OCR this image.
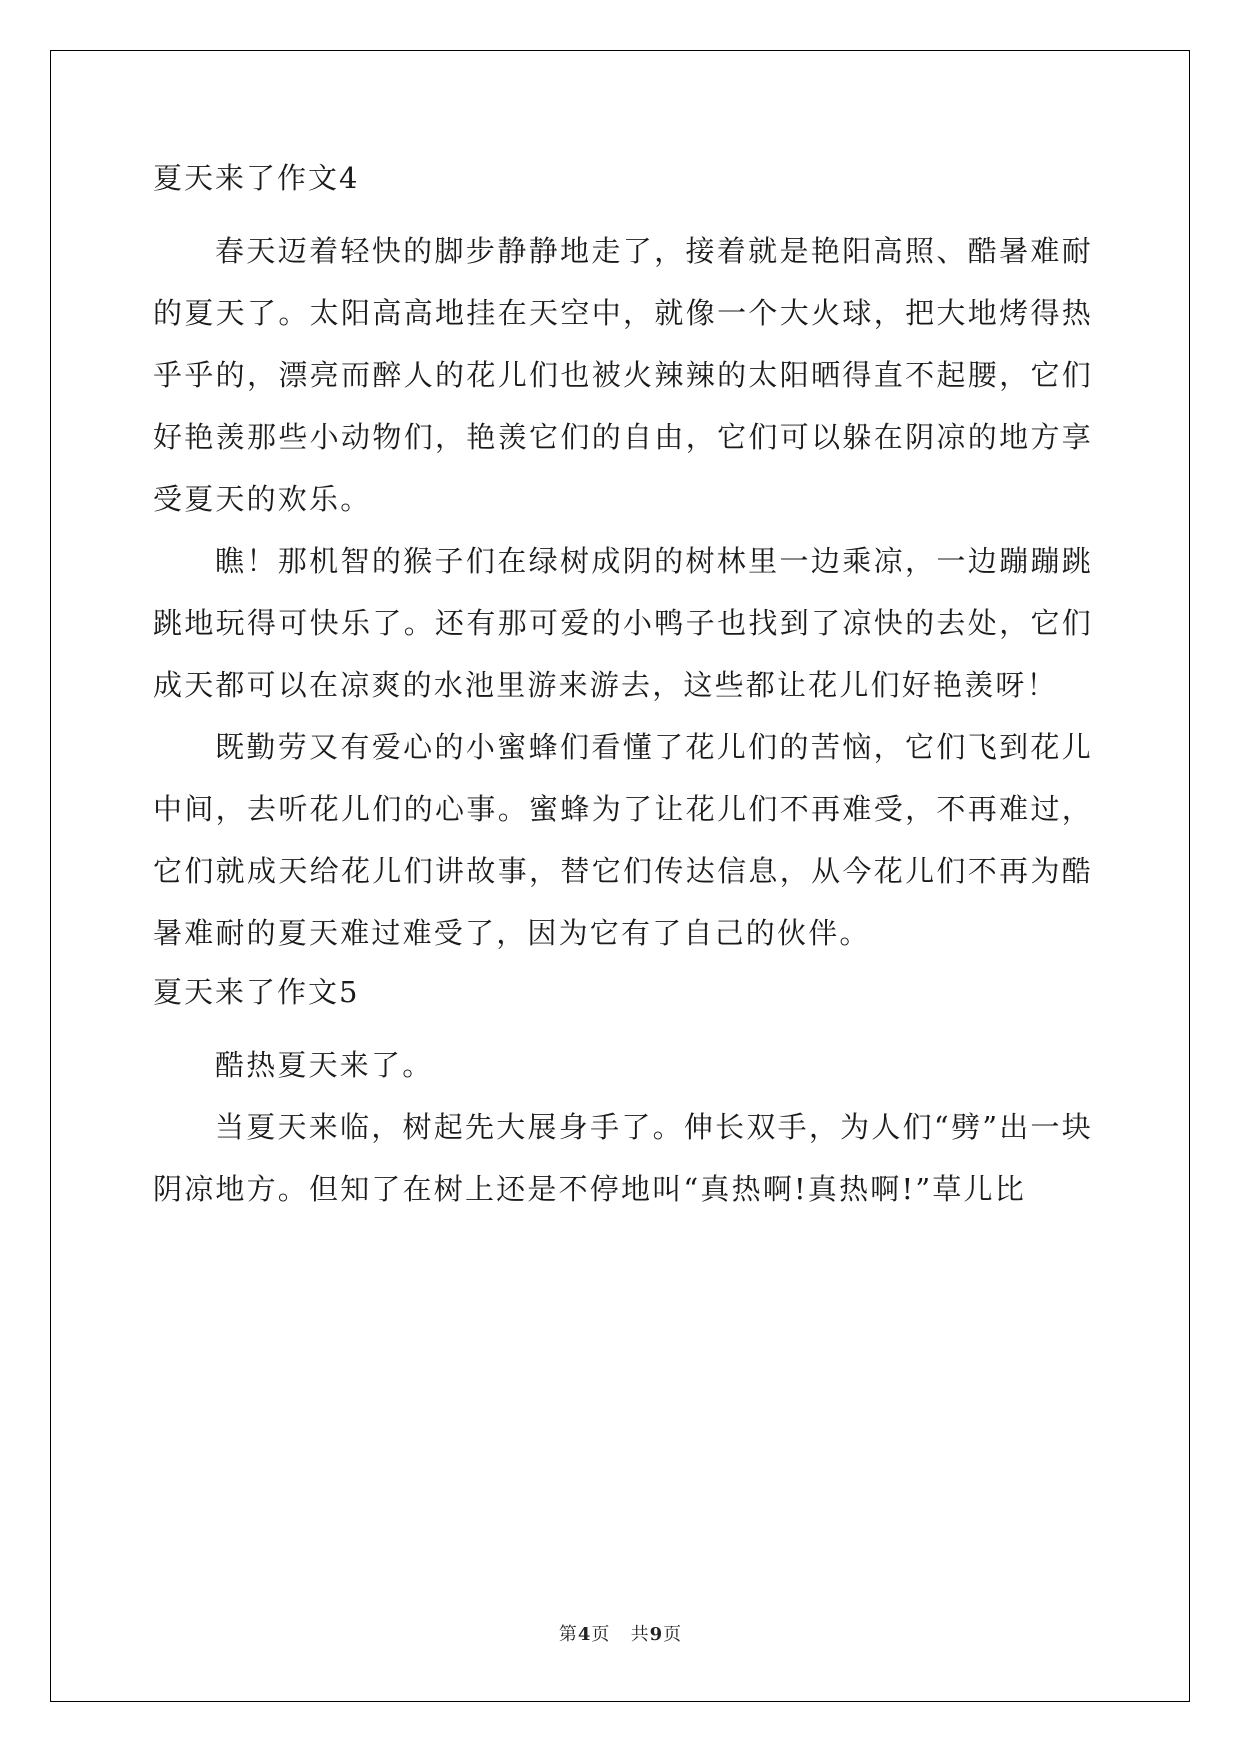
夏天来了作文4

春天迈着轻快的脚步静静地走了，接着就是艳阳高照、酷暑难耐的夏天了。太阳高高地挂在天空中，就像一个大火球，把大地烤得热乎乎的，漂亮而醉人的花儿们也被火辣辣的太阳晒得直不起腰，它们好艳羡那些小动物们，艳羡它们的自由，它们可以躲在阴凉的地方享受夏天的欢乐。

瞧！那机智的猴子们在绿树成阴的树林里一边乘凉，一边蹦蹦跳跳地玩得可快乐了。还有那可爱的小鸭子也找到了凉快的去处，它们成天都可以在凉爽的水池里游来游去，这些都让花儿们好艳羡呀！

既勤劳又有爱心的小蜜蜂们看懂了花儿们的苦恼，它们飞到花儿中间，去听花儿们的心事。蜜蜂为了让花儿们不再难受，不再难过，它们就成天给花儿们讲故事，替它们传达信息，从今花儿们不再为酷暑难耐的夏天难过难受了，因为它有了自己的伙伴。

夏天来了作文5

酷热夏天来了。

当夏天来临，树起先大展身手了。伸长双手，为人们“劈”出一块阴凉地方。但知了在树上还是不停地叫“真热啊!真热啊!”草儿比

第4页   共9页
